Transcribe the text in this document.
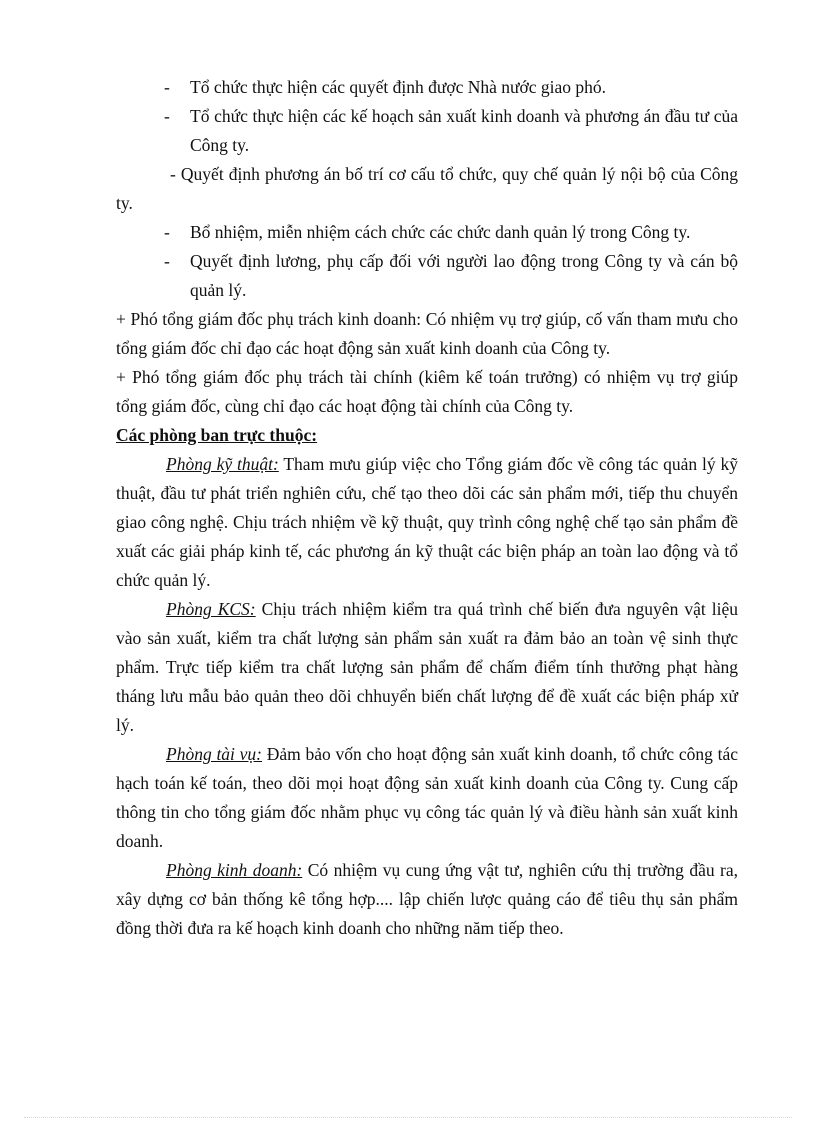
- Tổ chức thực hiện các quyết định được Nhà nước giao phó.

- Tổ chức thực hiện các kế hoạch sản xuất kinh doanh và phương án đầu tư của Công ty.

- Quyết định phương án bố trí cơ cấu tổ chức, quy chế quản lý nội bộ của Công ty.

- Bổ nhiệm, miễn nhiệm cách chức các chức danh quản lý trong Công ty.

- Quyết định lương, phụ cấp đối với người lao động trong Công ty và cán bộ quản lý.

+ Phó tổng giám đốc phụ trách kinh doanh: Có nhiệm vụ trợ giúp, cố vấn tham mưu cho tổng giám đốc chỉ đạo các hoạt động sản xuất kinh doanh của Công ty.

+ Phó tổng giám đốc phụ trách tài chính (kiêm kế toán trưởng) có nhiệm vụ trợ giúp tổng giám đốc, cùng chỉ đạo các hoạt động tài chính của Công ty.

Các phòng ban trực thuộc:

Phòng kỹ thuật: Tham mưu giúp việc cho Tổng giám đốc về công tác quản lý kỹ thuật, đầu tư phát triển nghiên cứu, chế tạo theo dõi các sản phẩm mới, tiếp thu chuyển giao công nghệ. Chịu trách nhiệm về kỹ thuật, quy trình công nghệ chế tạo sản phẩm đề xuất các giải pháp kinh tế, các phương án kỹ thuật các biện pháp an toàn lao động và tổ chức quản lý.

Phòng KCS: Chịu trách nhiệm kiểm tra quá trình chế biến đưa nguyên vật liệu vào sản xuất, kiểm tra chất lượng sản phẩm sản xuất ra đảm bảo an toàn vệ sinh thực phẩm. Trực tiếp kiểm tra chất lượng sản phẩm để chấm điểm tính thưởng phạt hàng tháng lưu mẫu bảo quản theo dõi chhuyển biến chất lượng để đề xuất các biện pháp xử lý.

Phòng tài vụ: Đảm bảo vốn cho hoạt động sản xuất kinh doanh, tổ chức công tác hạch toán kế toán, theo dõi mọi hoạt động sản xuất kinh doanh của Công ty. Cung cấp thông tin cho tổng giám đốc nhằm phục vụ công tác quản lý và điều hành sản xuất kinh doanh.

Phòng kinh doanh: Có nhiệm vụ cung ứng vật tư, nghiên cứu thị trường đầu ra, xây dựng cơ bản thống kê tổng hợp.... lập chiến lược quảng cáo để tiêu thụ sản phẩm đồng thời đưa ra kế hoạch kinh doanh cho những năm tiếp theo.
